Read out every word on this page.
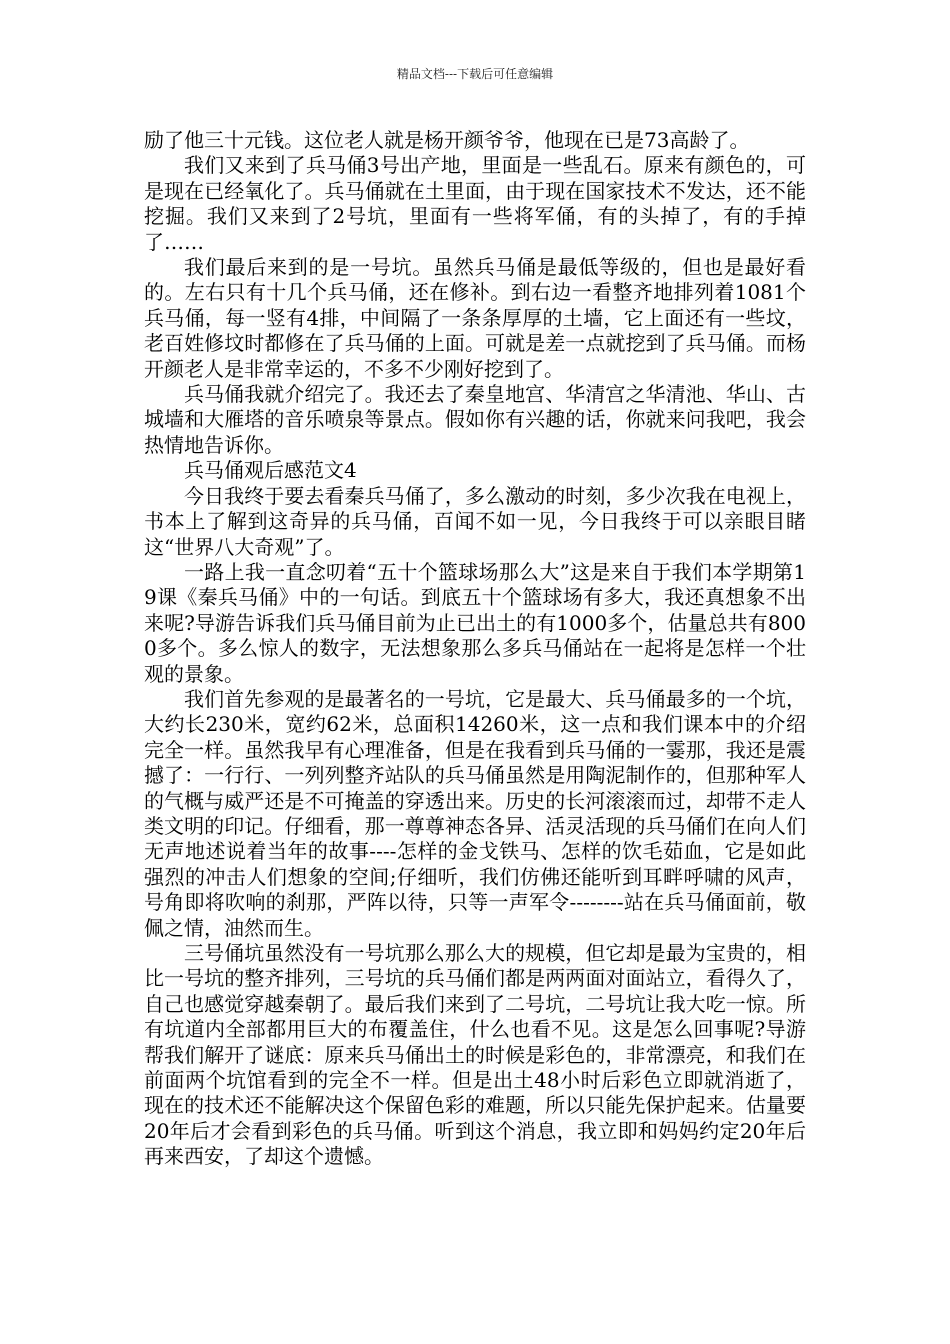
精品文档---下载后可任意编辑

励了他三十元钱。这位老人就是杨开颜爷爷，他现在已是73高龄了。

我们又来到了兵马俑3号出产地，里面是一些乱石。原来有颜色的，可是现在已经氧化了。兵马俑就在土里面，由于现在国家技术不发达，还不能挖掘。我们又来到了2号坑，里面有一些将军俑，有的头掉了，有的手掉了……

我们最后来到的是一号坑。虽然兵马俑是最低等级的，但也是最好看的。左右只有十几个兵马俑，还在修补。到右边一看整齐地排列着1081个兵马俑，每一竖有4排，中间隔了一条条厚厚的土墙，它上面还有一些坟，老百姓修坟时都修在了兵马俑的上面。可就是差一点就挖到了兵马俑。而杨开颜老人是非常幸运的，不多不少刚好挖到了。

兵马俑我就介绍完了。我还去了秦皇地宫、华清宫之华清池、华山、古城墙和大雁塔的音乐喷泉等景点。假如你有兴趣的话，你就来问我吧，我会热情地告诉你。

兵马俑观后感范文4

今日我终于要去看秦兵马俑了，多么激动的时刻，多少次我在电视上，书本上了解到这奇异的兵马俑，百闻不如一见，今日我终于可以亲眼目睹这“世界八大奇观”了。

一路上我一直念叨着“五十个篮球场那么大”这是来自于我们本学期第19课《秦兵马俑》中的一句话。到底五十个篮球场有多大，我还真想象不出来呢?导游告诉我们兵马俑目前为止已出土的有1000多个，估量总共有8000多个。多么惊人的数字，无法想象那么多兵马俑站在一起将是怎样一个壮观的景象。

我们首先参观的是最著名的一号坑，它是最大、兵马俑最多的一个坑，大约长230米，宽约62米，总面积14260米，这一点和我们课本中的介绍完全一样。虽然我早有心理准备，但是在我看到兵马俑的一霎那，我还是震撼了：一行行、一列列整齐站队的兵马俑虽然是用陶泥制作的，但那种军人的气概与威严还是不可掩盖的穿透出来。历史的长河滚滚而过，却带不走人类文明的印记。仔细看，那一尊尊神态各异、活灵活现的兵马俑们在向人们无声地述说着当年的故事----怎样的金戈铁马、怎样的饮毛茹血，它是如此强烈的冲击人们想象的空间;仔细听，我们仿佛还能听到耳畔呼啸的风声，号角即将吹响的刹那，严阵以待，只等一声军令--------站在兵马俑面前，敬佩之情，油然而生。

三号俑坑虽然没有一号坑那么那么大的规模，但它却是最为宝贵的，相比一号坑的整齐排列，三号坑的兵马俑们都是两两面对面站立，看得久了，自己也感觉穿越秦朝了。最后我们来到了二号坑，二号坑让我大吃一惊。所有坑道内全部都用巨大的布覆盖住，什么也看不见。这是怎么回事呢?导游帮我们解开了谜底：原来兵马俑出土的时候是彩色的，非常漂亮，和我们在前面两个坑馆看到的完全不一样。但是出土48小时后彩色立即就消逝了，现在的技术还不能解决这个保留色彩的难题，所以只能先保护起来。估量要20年后才会看到彩色的兵马俑。听到这个消息，我立即和妈妈约定20年后再来西安，了却这个遗憾。
